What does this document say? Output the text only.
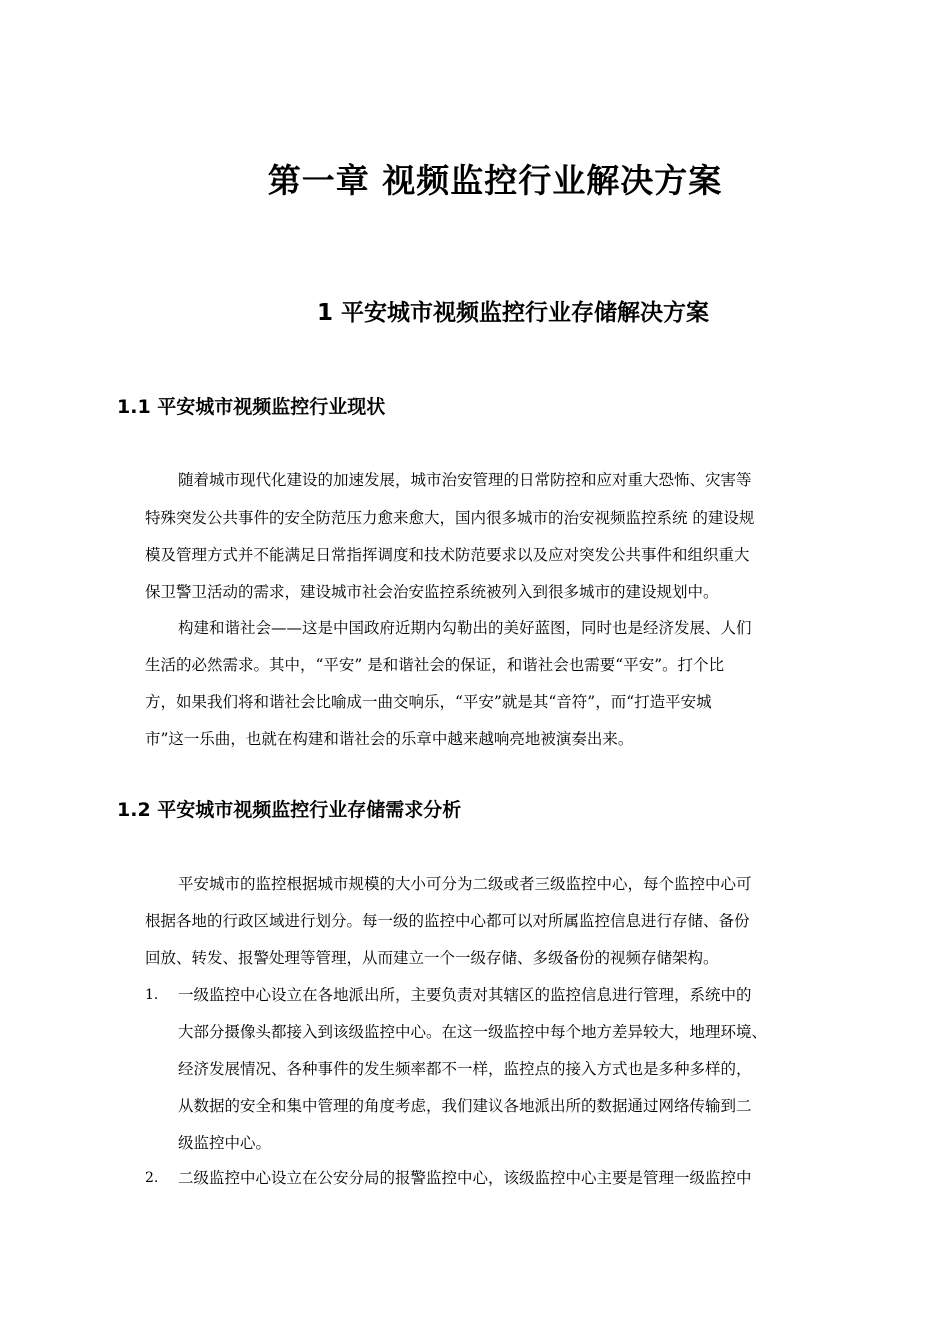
第一章 视频监控行业解决方案
1 平安城市视频监控行业存储解决方案
1.1 平安城市视频监控行业现状
随着城市现代化建设的加速发展，城市治安管理的日常防控和应对重大恐怖、灾害等
特殊突发公共事件的安全防范压力愈来愈大，国内很多城市的治安视频监控系统 的建设规
模及管理方式并不能满足日常指挥调度和技术防范要求以及应对突发公共事件和组织重大
保卫警卫活动的需求，建设城市社会治安监控系统被列入到很多城市的建设规划中。
构建和谐社会——这是中国政府近期内勾勒出的美好蓝图，同时也是经济发展、人们
生活的必然需求。其中，“平安” 是和谐社会的保证，和谐社会也需要“平安”。打个比
方，如果我们将和谐社会比喻成一曲交响乐，“平安”就是其“音符”，而“打造平安城
市”这一乐曲，也就在构建和谐社会的乐章中越来越响亮地被演奏出来。
1.2 平安城市视频监控行业存储需求分析
平安城市的监控根据城市规模的大小可分为二级或者三级监控中心，每个监控中心可
根据各地的行政区域进行划分。每一级的监控中心都可以对所属监控信息进行存储、备份
回放、转发、报警处理等管理，从而建立一个一级存储、多级备份的视频存储架构。
1. 一级监控中心设立在各地派出所，主要负责对其辖区的监控信息进行管理，系统中的
大部分摄像头都接入到该级监控中心。在这一级监控中每个地方差异较大，地理环境、
经济发展情况、各种事件的发生频率都不一样，监控点的接入方式也是多种多样的，
从数据的安全和集中管理的角度考虑，我们建议各地派出所的数据通过网络传输到二
级监控中心。
2. 二级监控中心设立在公安分局的报警监控中心，该级监控中心主要是管理一级监控中
